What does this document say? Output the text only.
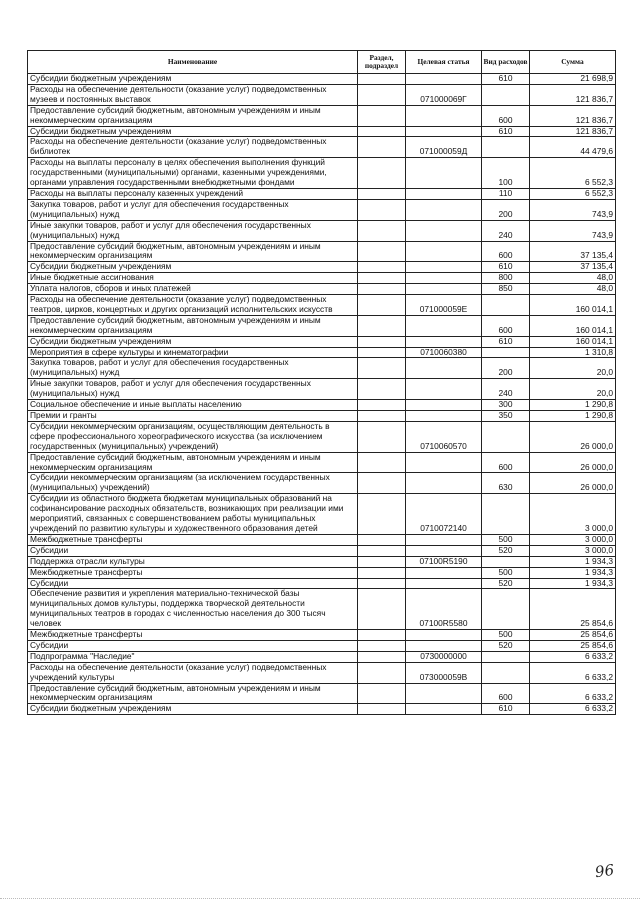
Наименование	Раздел, подраздел	Целевая статья	Вид расходов	Сумма
Субсидии бюджетным учреждениям			610	21 698,9
Расходы на обеспечение деятельности (оказание услуг) подведомственных музеев и постоянных выставок		071000069Г		121 836,7
Предоставление субсидий бюджетным, автономным учреждениям и иным некоммерческим организациям			600	121 836,7
Субсидии бюджетным учреждениям			610	121 836,7
Расходы на обеспечение деятельности (оказание услуг) подведомственных библиотек		071000059Д		44 479,6
Расходы на выплаты персоналу в целях обеспечения выполнения функций государственными (муниципальными) органами, казенными учреждениями, органами управления государственными внебюджетными фондами			100	6 552,3
Расходы на выплаты персоналу казенных учреждений			110	6 552,3
Закупка товаров, работ и услуг для обеспечения государственных (муниципальных) нужд			200	743,9
Иные закупки товаров, работ и услуг для обеспечения государственных (муниципальных) нужд			240	743,9
Предоставление субсидий бюджетным, автономным учреждениям и иным некоммерческим организациям			600	37 135,4
Субсидии бюджетным учреждениям			610	37 135,4
Иные бюджетные ассигнования			800	48,0
Уплата налогов, сборов и иных платежей			850	48,0
Расходы на обеспечение деятельности (оказание услуг) подведомственных театров, цирков, концертных и других организаций исполнительских искусств		071000059Е		160 014,1
Предоставление субсидий бюджетным, автономным учреждениям и иным некоммерческим организациям			600	160 014,1
Субсидии бюджетным учреждениям			610	160 014,1
Мероприятия в сфере культуры и кинематографии		0710060380		1 310,8
Закупка товаров, работ и услуг для обеспечения государственных (муниципальных) нужд			200	20,0
Иные закупки товаров, работ и услуг для обеспечения государственных (муниципальных) нужд			240	20,0
Социальное обеспечение и иные выплаты населению			300	1 290,8
Премии и гранты			350	1 290,8
Субсидии некоммерческим организациям, осуществляющим деятельность в сфере профессионального хореографического искусства (за исключением государственных (муниципальных) учреждений)		0710060570		26 000,0
Предоставление субсидий бюджетным, автономным учреждениям и иным некоммерческим организациям			600	26 000,0
Субсидии некоммерческим организациям (за исключением государственных (муниципальных) учреждений)			630	26 000,0
Субсидии из областного бюджета бюджетам муниципальных образований на софинансирование расходных обязательств, возникающих при реализации ими мероприятий, связанных с совершенствованием работы муниципальных учреждений по развитию культуры и художественного образования детей		0710072140		3 000,0
Межбюджетные трансферты			500	3 000,0
Субсидии			520	3 000,0
Поддержка отрасли культуры		07100R5190		1 934,3
Межбюджетные трансферты			500	1 934,3
Субсидии			520	1 934,3
Обеспечение развития и укрепления материально-технической базы муниципальных домов культуры, поддержка творческой деятельности муниципальных театров в городах с численностью населения до 300 тысяч человек		07100R5580		25 854,6
Межбюджетные трансферты			500	25 854,6
Субсидии			520	25 854,6
Подпрограмма "Наследие"		0730000000		6 633,2
Расходы на обеспечение деятельности (оказание услуг) подведомственных учреждений культуры		073000059В		6 633,2
Предоставление субсидий бюджетным, автономным учреждениям и иным некоммерческим организациям			600	6 633,2
Субсидии бюджетным учреждениям			610	6 633,2
96
